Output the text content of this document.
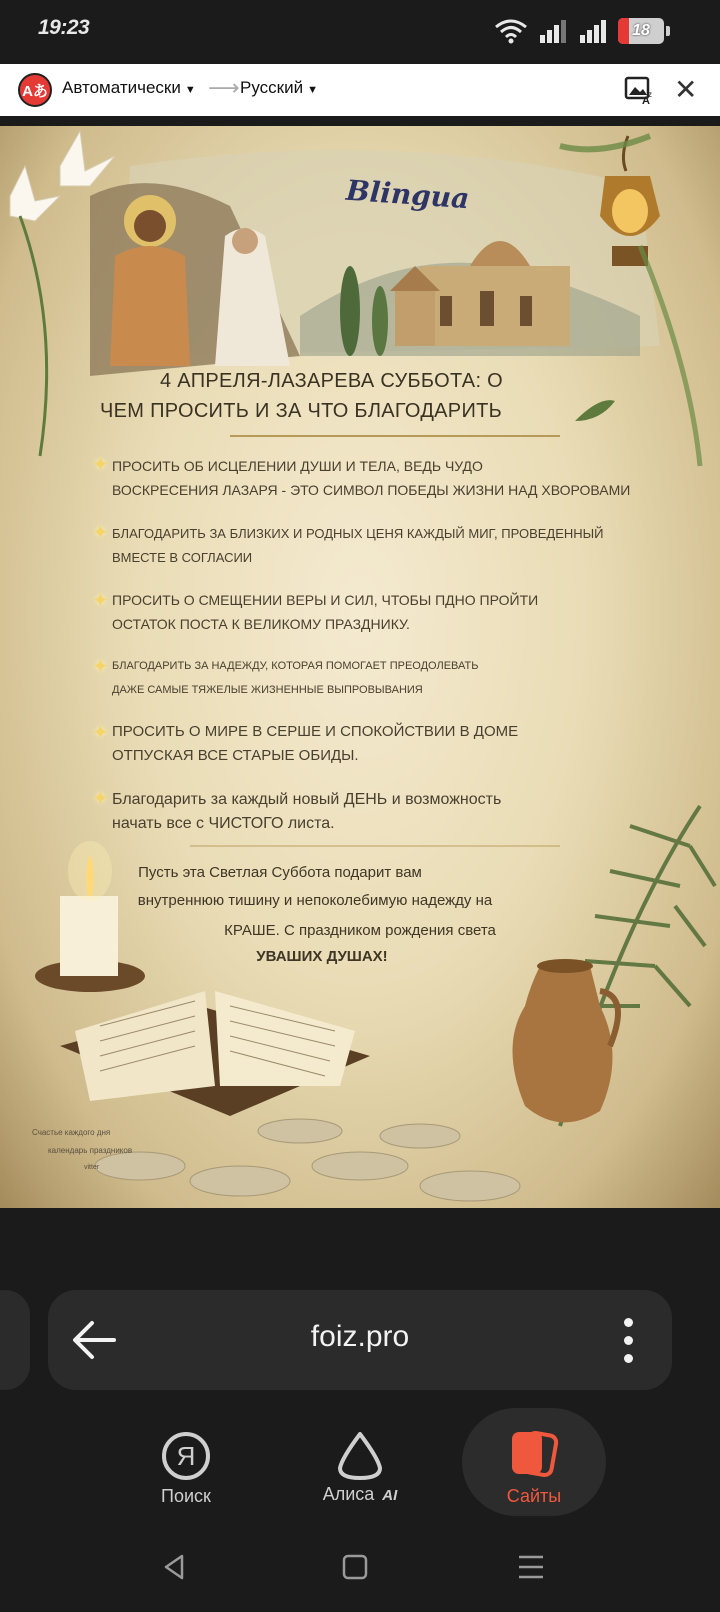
19:23	18
Aあ Автоматически ▼ ⟶ Русский ▼
A
z ✕
Blingua
4 АПРЕЛЯ-ЛАЗАРЕВА СУББОТА: О
ЧЕМ ПРОСИТЬ И ЗА ЧТО БЛАГОДАРИТЬ
✦ ПРОСИТЬ ОБ ИСЦЕЛЕНИИ ДУШИ И ТЕЛА, ВЕДЬ ЧУДО
ВОСКРЕСЕНИЯ ЛАЗАРЯ - ЭТО СИМВОЛ ПОБЕДЫ ЖИЗНИ НАД ХВОРОВАМИ
✦ БЛАГОДАРИТЬ ЗА БЛИЗКИХ И РОДНЫХ ЦЕНЯ КАЖДЫЙ МИГ, ПРОВЕДЕННЫЙ
ВМЕСТЕ В СОГЛАСИИ
✦ ПРОСИТЬ О СМЕЩЕНИИ ВЕРЫ И СИЛ, ЧТОБЫ ПДНО ПРОЙТИ
ОСТАТОК ПОСТА К ВЕЛИКОМУ ПРАЗДНИКУ.
✦ БЛАГОДАРИТЬ ЗА НАДЕЖДУ, КОТОРАЯ ПОМОГАЕТ ПРЕОДОЛЕВАТЬ
ДАЖЕ САМЫЕ ТЯЖЕЛЫЕ ЖИЗНЕННЫЕ ВЫПРОВЫВАНИЯ
✦ ПРОСИТЬ О МИРЕ В СЕРШЕ И СПОКОЙСТВИИ В ДОМЕ
ОТПУСКАЯ ВСЕ СТАРЫЕ ОБИДЫ.
✦ Благодарить за каждый новый ДЕНЬ и возможность
начать все с ЧИСТОГО листа.
Пусть эта Светлая Суббота подарит вам
внутреннюю тишину и непоколебимую надежду на
КРАШЕ. С праздником рождения света
УВАШИХ ДУШАХ!
Счастье каждого дня
календарь праздников
vitter
foiz.pro
Я
Поиск	Алиса AI	Сайты
